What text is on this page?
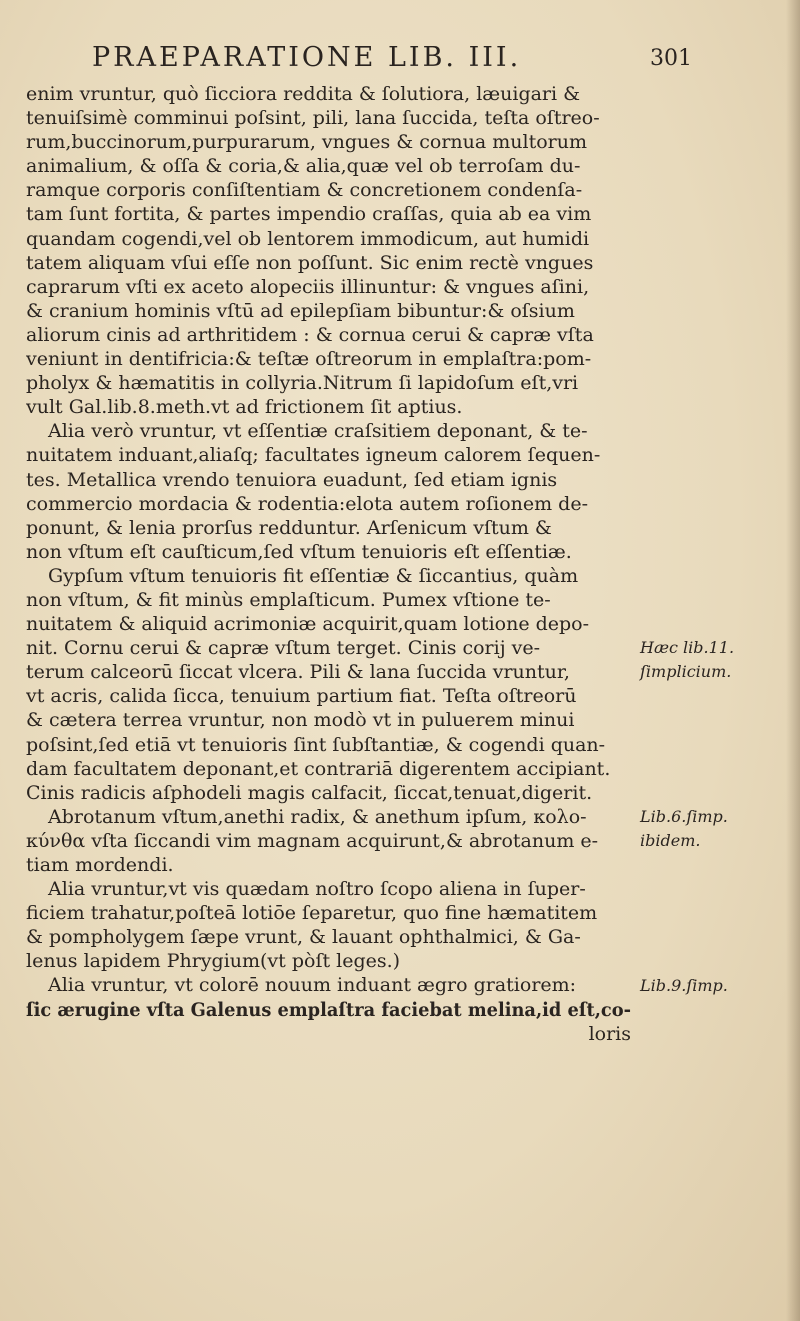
PRAEPARATIONE LIB. III.	301
enim vruntur, quò ſicciora reddita & ſolutiora, læuigari &
tenuiſsimè comminui poſsint, pili, lana ſuccida, teſta oſtreo-
rum,buccinorum,purpurarum, vngues & cornua multorum
animalium, & oſſa & coria,& alia,quæ vel ob terroſam du-
ramque corporis conſiſtentiam & concretionem condenſa-
tam ſunt fortita, & partes impendio craſſas, quia ab ea vim
quandam cogendi,vel ob lentorem immodicum, aut humidi
tatem aliquam vſui eſſe non poſſunt. Sic enim rectè vngues
caprarum vſti ex aceto alopeciis illinuntur: & vngues aſini,
& cranium hominis vſtū ad epilepſiam bibuntur:& oſsium
aliorum cinis ad arthritidem : & cornua cerui & capræ vſta
veniunt in dentifricia:& teſtæ oſtreorum in emplaſtra:pom-
pholyx & hæmatitis in collyria.Nitrum ſi lapidoſum eſt,vri
vult Gal.lib.8.meth.vt ad frictionem ſit aptius.
Alia verò vruntur, vt eſſentiæ craſsitiem deponant, & te-
nuitatem induant,aliaſq; facultates igneum calorem ſequen-
tes. Metallica vrendo tenuiora euadunt, ſed etiam ignis
commercio mordacia & rodentia:elota autem roſionem de-
ponunt, & lenia prorſus redduntur. Arſenicum vſtum &
non vſtum eſt cauſticum,ſed vſtum tenuioris eſt eſſentiæ.
Gypſum vſtum tenuioris fit eſſentiæ & ſiccantius, quàm
non vſtum, & fit minùs emplaſticum. Pumex vſtione te-
nuitatem & aliquid acrimoniæ acquirit,quam lotione depo-
nit. Cornu cerui & capræ vſtum terget. Cinis corij ve-
terum calceorū ſiccat vlcera. Pili & lana ſuccida vruntur,
vt acris, calida ſicca, tenuium partium fiat. Teſta oſtreorū
& cætera terrea vruntur, non modò vt in puluerem minui
poſsint,ſed etiā vt tenuioris ſint ſubſtantiæ, & cogendi quan-
dam facultatem deponant,et contrariā digerentem accipiant.
Cinis radicis aſphodeli magis calfacit, ſiccat,tenuat,digerit.
Abrotanum vſtum,anethi radix, & anethum ipſum, κολο-
κύνθα vſta ſiccandi vim magnam acquirunt,& abrotanum e-
tiam mordendi.
Alia vruntur,vt vis quædam noſtro ſcopo aliena in ſuper-
ficiem trahatur,poſteā lotiōe ſeparetur, quo fine hæmatitem
& pompholygem ſæpe vrunt, & lauant ophthalmici, & Ga-
lenus lapidem Phrygium(vt pòſt leges.)
Alia vruntur, vt colorē nouum induant ægro gratiorem:
ſic ærugine vſta Galenus emplaſtra faciebat melina,id eſt,co-
loris
Hæc lib.11.
ſimplicium.
Lib.6.ſimp.
ibidem.
Lib.9.ſimp.
